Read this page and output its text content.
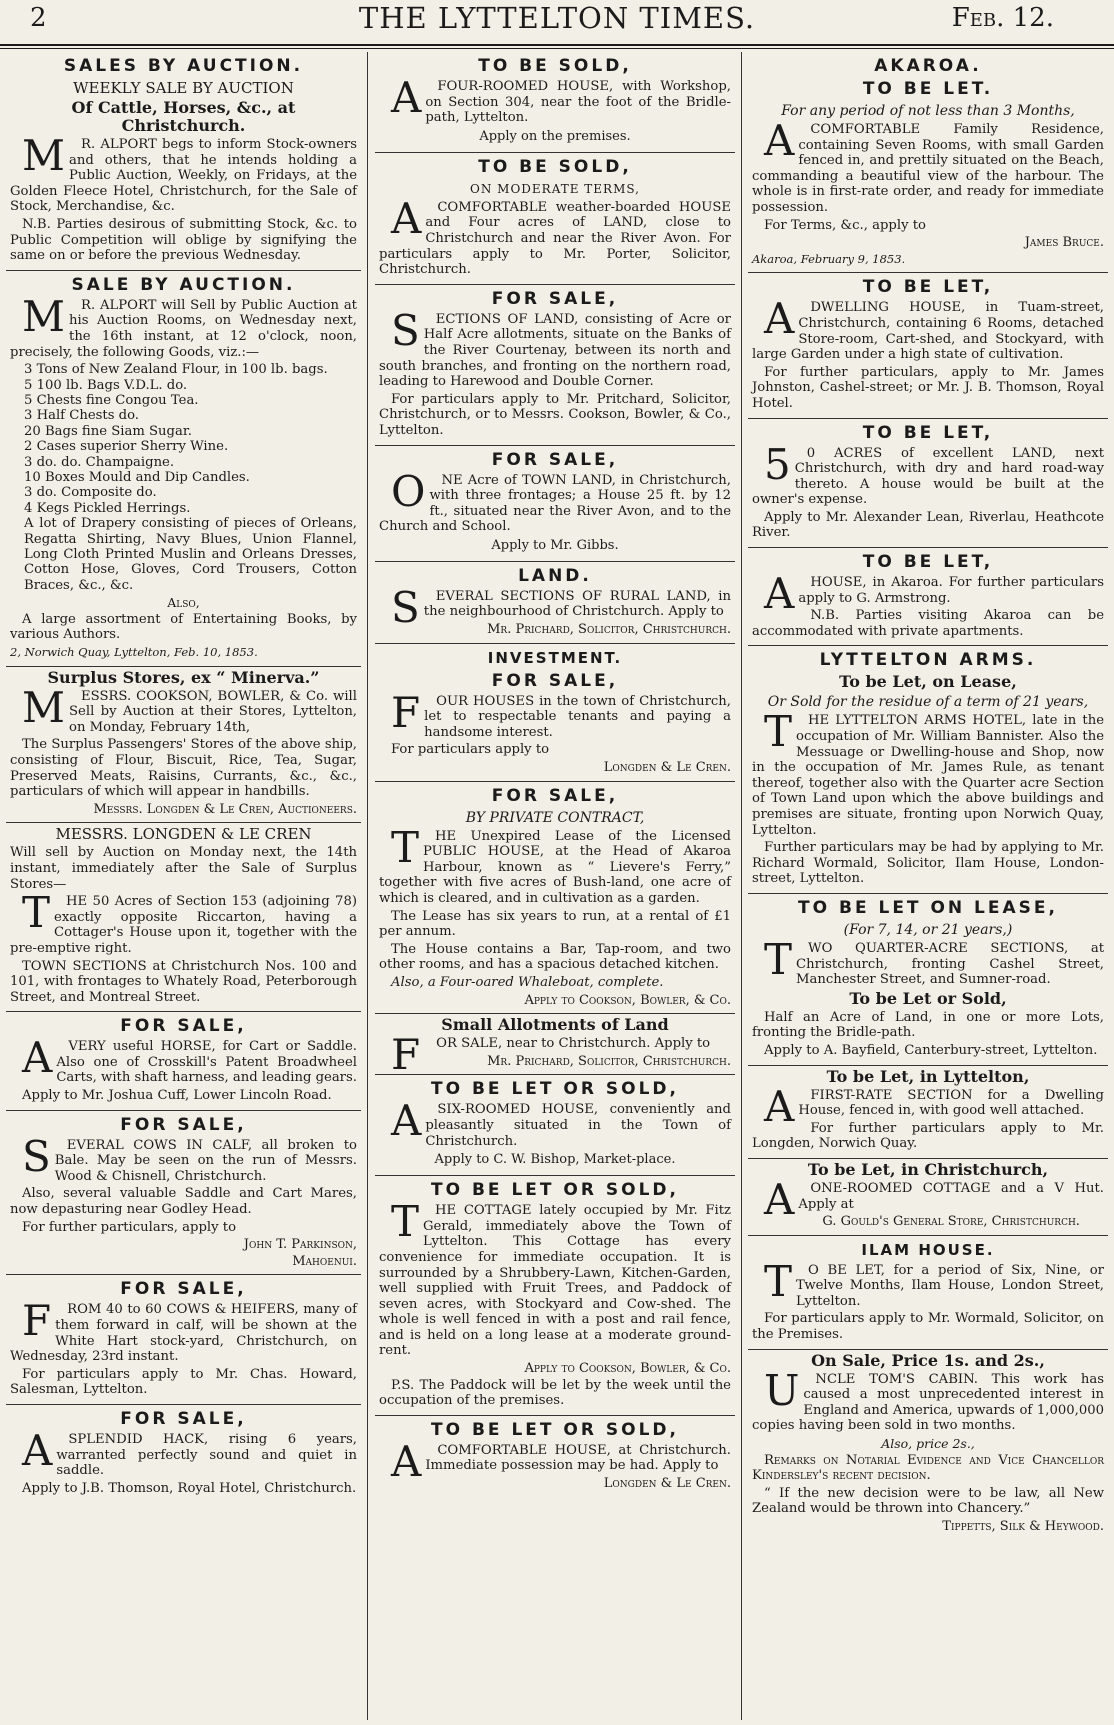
2	THE LYTTELTON TIMES.	Feb. 12.
SALES BY AUCTION.
WEEKLY SALE BY AUCTION
Of Cattle, Horses, &c., at Christchurch.

MR. ALPORT begs to inform Stock-owners and others, that he intends holding a Public Auction, Weekly, on Fridays, at the Golden Fleece Hotel, Christchurch, for the Sale of Stock, Merchandise, &c.

N.B. Parties desirous of submitting Stock, &c. to Public Competition will oblige by signifying the same on or before the previous Wednesday.

SALE BY AUCTION.

MR. ALPORT will Sell by Public Auction at his Auction Rooms, on Wednesday next, the 16th instant, at 12 o'clock, noon, precisely, the following Goods, viz.:—

3 Tons of New Zealand Flour, in 100 lb. bags.
5 100 lb. Bags V.D.L. do.
5 Chests fine Congou Tea.
3 Half Chests do.
20 Bags fine Siam Sugar.
2 Cases superior Sherry Wine.
3 do. do. Champaigne.
10 Boxes Mould and Dip Candles.
3 do. Composite do.
4 Kegs Pickled Herrings.
A lot of Drapery consisting of pieces of Orleans, Regatta Shirting, Navy Blues, Union Flannel, Long Cloth Printed Muslin and Orleans Dresses, Cotton Hose, Gloves, Cord Trousers, Cotton Braces, &c., &c.
Also,

A large assortment of Entertaining Books, by various Authors.

2, Norwich Quay, Lyttelton, Feb. 10, 1853.
Surplus Stores, ex “ Minerva.”

MESSRS. COOKSON, BOWLER, & Co. will Sell by Auction at their Stores, Lyttelton, on Monday, February 14th,

The Surplus Passengers' Stores of the above ship, consisting of Flour, Biscuit, Rice, Tea, Sugar, Preserved Meats, Raisins, Currants, &c., &c., particulars of which will appear in handbills.

Messrs. Longden & Le Cren, Auctioneers.
MESSRS. LONGDEN & LE CREN

Will sell by Auction on Monday next, the 14th instant, immediately after the Sale of Surplus Stores—

THE 50 Acres of Section 153 (adjoining 78) exactly opposite Riccarton, having a Cottager's House upon it, together with the pre-emptive right.

TOWN SECTIONS at Christchurch Nos. 100 and 101, with frontages to Whately Road, Peterborough Street, and Montreal Street.

FOR SALE,

AVERY useful HORSE, for Cart or Saddle. Also one of Crosskill's Patent Broadwheel Carts, with shaft harness, and leading gears.

Apply to Mr. Joshua Cuff, Lower Lincoln Road.

FOR SALE,

SEVERAL COWS IN CALF, all broken to Bale. May be seen on the run of Messrs. Wood & Chisnell, Christchurch.

Also, several valuable Saddle and Cart Mares, now depasturing near Godley Head.

For further particulars, apply to

John T. Parkinson,
Mahoenui.
FOR SALE,

FROM 40 to 60 COWS & HEIFERS, many of them forward in calf, will be shown at the White Hart stock-yard, Christchurch, on Wednesday, 23rd instant.

For particulars apply to Mr. Chas. Howard, Salesman, Lyttelton.

FOR SALE,

ASPLENDID HACK, rising 6 years, warranted perfectly sound and quiet in saddle.

Apply to J.B. Thomson, Royal Hotel, Christchurch.

TO BE SOLD,

AFOUR-ROOMED HOUSE, with Workshop, on Section 304, near the foot of the Bridle-path, Lyttelton.

Apply on the premises.
TO BE SOLD,
ON MODERATE TERMS,

ACOMFORTABLE weather-boarded HOUSE and Four acres of LAND, close to Christchurch and near the River Avon. For particulars apply to Mr. Porter, Solicitor, Christchurch.

FOR SALE,

SECTIONS OF LAND, consisting of Acre or Half Acre allotments, situate on the Banks of the River Courtenay, between its north and south branches, and fronting on the northern road, leading to Harewood and Double Corner.

For particulars apply to Mr. Pritchard, Solicitor, Christchurch, or to Messrs. Cookson, Bowler, & Co., Lyttelton.

FOR SALE,

ONE Acre of TOWN LAND, in Christchurch, with three frontages; a House 25 ft. by 12 ft., situated near the River Avon, and to the Church and School.

Apply to Mr. Gibbs.
LAND.

SEVERAL SECTIONS OF RURAL LAND, in the neighbourhood of Christchurch. Apply to

Mr. Prichard, Solicitor, Christchurch.
INVESTMENT.
FOR SALE,

FOUR HOUSES in the town of Christchurch, let to respectable tenants and paying a handsome interest.

For particulars apply to

Longden & Le Cren.
FOR SALE,
BY PRIVATE CONTRACT,

THE Unexpired Lease of the Licensed PUBLIC HOUSE, at the Head of Akaroa Harbour, known as “ Lievere's Ferry,” together with five acres of Bush-land, one acre of which is cleared, and in cultivation as a garden.

The Lease has six years to run, at a rental of £1 per annum.

The House contains a Bar, Tap-room, and two other rooms, and has a spacious detached kitchen.

Also, a Four-oared Whaleboat, complete.

Apply to Cookson, Bowler, & Co.
Small Allotments of Land

FOR SALE, near to Christchurch. Apply to

Mr. Prichard, Solicitor, Christchurch.
TO BE LET OR SOLD,

ASIX-ROOMED HOUSE, conveniently and pleasantly situated in the Town of Christchurch.

Apply to C. W. Bishop, Market-place.
TO BE LET OR SOLD,

THE COTTAGE lately occupied by Mr. Fitz Gerald, immediately above the Town of Lyttelton. This Cottage has every convenience for immediate occupation. It is surrounded by a Shrubbery-Lawn, Kitchen-Garden, well supplied with Fruit Trees, and Paddock of seven acres, with Stockyard and Cow-shed. The whole is well fenced in with a post and rail fence, and is held on a long lease at a moderate ground-rent.

Apply to Cookson, Bowler, & Co.

P.S. The Paddock will be let by the week until the occupation of the premises.

TO BE LET OR SOLD,

ACOMFORTABLE HOUSE, at Christchurch. Immediate possession may be had. Apply to

Longden & Le Cren.
AKAROA.
TO BE LET.
For any period of not less than 3 Months,

ACOMFORTABLE Family Residence, containing Seven Rooms, with small Garden fenced in, and prettily situated on the Beach, commanding a beautiful view of the harbour. The whole is in first-rate order, and ready for immediate possession.

For Terms, &c., apply to

James Bruce.
Akaroa, February 9, 1853.
TO BE LET,

ADWELLING HOUSE, in Tuam-street, Christchurch, containing 6 Rooms, detached Store-room, Cart-shed, and Stockyard, with large Garden under a high state of cultivation.

For further particulars, apply to Mr. James Johnston, Cashel-street; or Mr. J. B. Thomson, Royal Hotel.

TO BE LET,

50 ACRES of excellent LAND, next Christchurch, with dry and hard road-way thereto. A house would be built at the owner's expense.

Apply to Mr. Alexander Lean, Riverlau, Heathcote River.

TO BE LET,

AHOUSE, in Akaroa. For further particulars apply to G. Armstrong.

N.B. Parties visiting Akaroa can be accommodated with private apartments.

LYTTELTON ARMS.
To be Let, on Lease,
Or Sold for the residue of a term of 21 years,

THE LYTTELTON ARMS HOTEL, late in the occupation of Mr. William Bannister. Also the Messuage or Dwelling-house and Shop, now in the occupation of Mr. James Rule, as tenant thereof, together also with the Quarter acre Section of Town Land upon which the above buildings and premises are situate, fronting upon Norwich Quay, Lyttelton.

Further particulars may be had by applying to Mr. Richard Wormald, Solicitor, Ilam House, London-street, Lyttelton.

TO BE LET ON LEASE,
(For 7, 14, or 21 years,)

TWO QUARTER-ACRE SECTIONS, at Christchurch, fronting Cashel Street, Manchester Street, and Sumner-road.

To be Let or Sold,

Half an Acre of Land, in one or more Lots, fronting the Bridle-path.

Apply to A. Bayfield, Canterbury-street, Lyttelton.

To be Let, in Lyttelton,

AFIRST-RATE SECTION for a Dwelling House, fenced in, with good well attached.

For further particulars apply to Mr. Longden, Norwich Quay.

To be Let, in Christchurch,

AONE-ROOMED COTTAGE and a V Hut. Apply at

G. Gould's General Store, Christchurch.
ILAM HOUSE.

TO BE LET, for a period of Six, Nine, or Twelve Months, Ilam House, London Street, Lyttelton.

For particulars apply to Mr. Wormald, Solicitor, on the Premises.

On Sale, Price 1s. and 2s.,

UNCLE TOM'S CABIN. This work has caused a most unprecedented interest in England and America, upwards of 1,000,000 copies having been sold in two months.

Also, price 2s.,

Remarks on Notarial Evidence and Vice Chancellor Kindersley's recent decision.

“ If the new decision were to be law, all New Zealand would be thrown into Chancery.”

Tippetts, Silk & Heywood.
